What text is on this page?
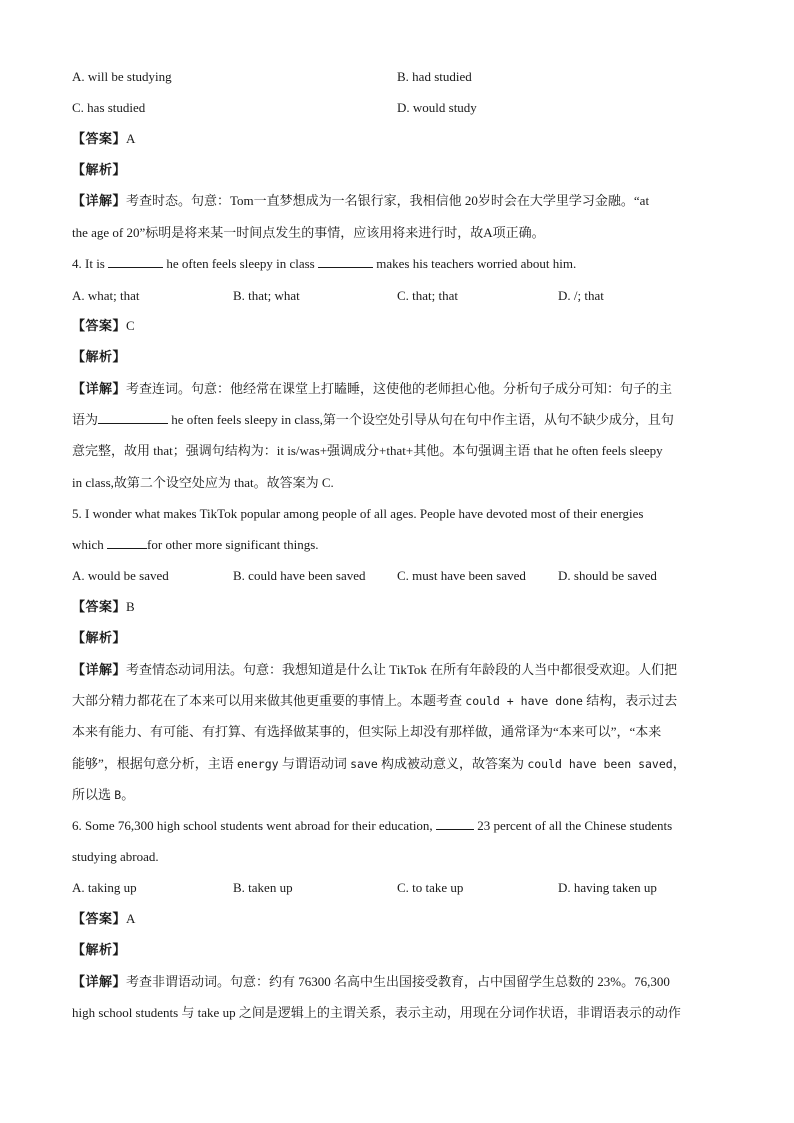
A. will be studying	B. had studied
C. has studied	D. would study
【答案】A
【解析】
【详解】考查时态。句意：Tom一直梦想成为一名银行家，我相信他 20岁时会在大学里学习金融。“at
the age of 20”标明是将来某一时间点发生的事情，应该用将来进行时，故A项正确。
4. It is	he often feels sleepy in class	makes his teachers worried about him.
A. what; that	B. that; what	C. that; that	D. /; that
【答案】C
【解析】
【详解】考查连词。句意：他经常在课堂上打瞌睡，这使他的老师担心他。分析句子成分可知：句子的主
语为	he often feels sleepy in class,第一个设空处引导从句在句中作主语，从句不缺少成分，且句
意完整，故用 that；强调句结构为：it is/was+强调成分+that+其他。本句强调主语 that he often feels sleepy
in class,故第二个设空处应为 that。故答案为 C.
5. I wonder what makes TikTok popular among people of all ages. People have devoted most of their energies
which	for other more significant things.
A. would be saved	B. could have been saved C. must have been saved D. should be saved
【答案】B
【解析】
【详解】考查情态动词用法。句意：我想知道是什么让 TikTok 在所有年龄段的人当中都很受欢迎。人们把
大部分精力都花在了本来可以用来做其他更重要的事情上。本题考查 could + have done 结构，表示过去
本来有能力、有可能、有打算、有选择做某事的，但实际上却没有那样做，通常译为“本来可以”，“本来
能够”，根据句意分析，主语 energy 与谓语动词 save 构成被动意义，故答案为 could have been saved，
所以选 B。
6. Some 76,300 high school students went abroad for their education,	23 percent of all the Chinese students
studying abroad.
A. taking up	B. taken up	C. to take up	D. having taken up
【答案】A
【解析】
【详解】考查非谓语动词。句意：约有 76300 名高中生出国接受教育，占中国留学生总数的 23%。76,300
high school students 与 take up 之间是逻辑上的主谓关系，表示主动，用现在分词作状语，非谓语表示的动作
